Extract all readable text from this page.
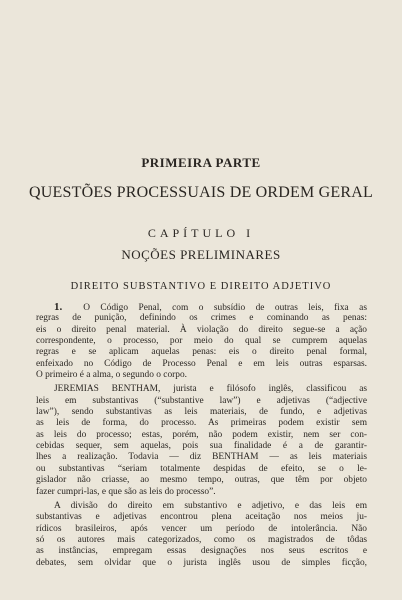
PRIMEIRA PARTE
QUESTÕES PROCESSUAIS DE ORDEM GERAL
CAPÍTULO I
NOÇÕES PRELIMINARES
DIREITO SUBSTANTIVO E DIREITO ADJETIVO
1. O Código Penal, com o subsídio de outras leis, fixa as
regras de punição, definindo os crimes e cominando as penas:
eis o direito penal material. À violação do direito segue-se a ação
correspondente, o processo, por meio do qual se cumprem aquelas
regras e se aplicam aquelas penas: eis o direito penal formal,
enfeixado no Código de Processo Penal e em leis outras esparsas.
O primeiro é a alma, o segundo o corpo.
JEREMIAS BENTHAM, jurista e filósofo inglês, classificou as
leis em substantivas (“substantive law”) e adjetivas (“adjective
law”), sendo substantivas as leis materiais, de fundo, e adjetivas
as leis de forma, do processo. As primeiras podem existir sem
as leis do processo; estas, porém, não podem existir, nem ser con-
cebidas sequer, sem aquelas, pois sua finalidade é a de garantir-
lhes a realização. Todavia — diz BENTHAM — as leis materiais
ou substantivas “seriam totalmente despidas de efeito, se o le-
gislador não criasse, ao mesmo tempo, outras, que têm por objeto
fazer cumpri-las, e que são as leis do processo”.
A divisão do direito em substantivo e adjetivo, e das leis em
substantivas e adjetivas encontrou plena aceitação nos meios ju-
rídicos brasileiros, após vencer um período de intolerância. Não
só os autores mais categorizados, como os magistrados de tôdas
as instâncias, empregam essas designações nos seus escritos e
debates, sem olvidar que o jurista inglês usou de simples ficção,
